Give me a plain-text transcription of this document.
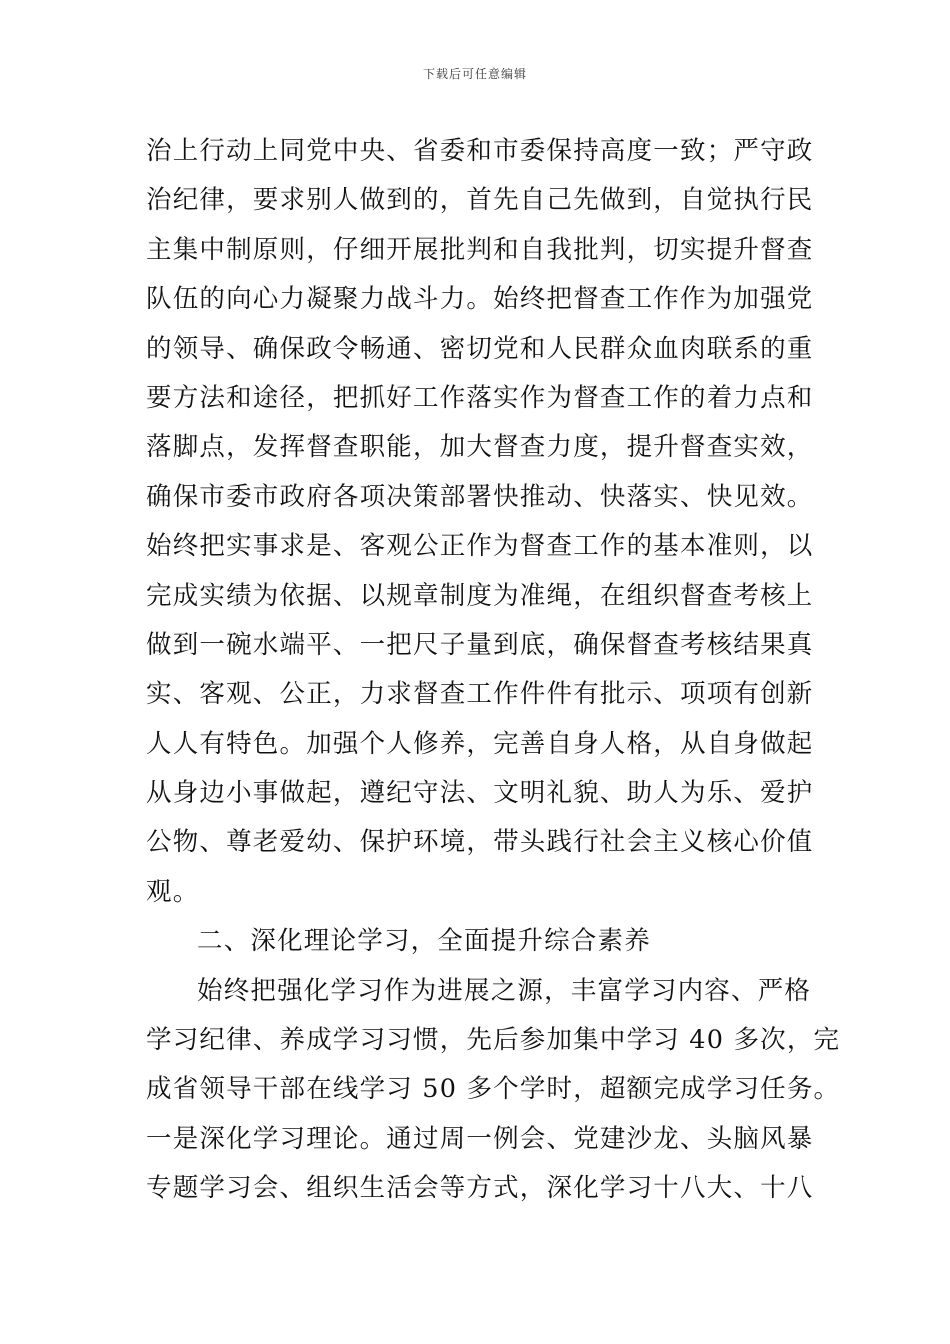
下载后可任意编辑
治上行动上同党中央、省委和市委保持高度一致；严守政
治纪律，要求别人做到的，首先自己先做到，自觉执行民
主集中制原则，仔细开展批判和自我批判，切实提升督查
队伍的向心力凝聚力战斗力。始终把督查工作作为加强党
的领导、确保政令畅通、密切党和人民群众血肉联系的重
要方法和途径，把抓好工作落实作为督查工作的着力点和
落脚点，发挥督查职能，加大督查力度，提升督查实效，
确保市委市政府各项决策部署快推动、快落实、快见效。
始终把实事求是、客观公正作为督查工作的基本准则，以
完成实绩为依据、以规章制度为准绳，在组织督查考核上
做到一碗水端平、一把尺子量到底，确保督查考核结果真
实、客观、公正，力求督查工作件件有批示、项项有创新
人人有特色。加强个人修养，完善自身人格，从自身做起
从身边小事做起，遵纪守法、文明礼貌、助人为乐、爱护
公物、尊老爱幼、保护环境，带头践行社会主义核心价值
观。
二、深化理论学习，全面提升综合素养
始终把强化学习作为进展之源，丰富学习内容、严格
学习纪律、养成学习习惯，先后参加集中学习 40 多次，完
成省领导干部在线学习 50 多个学时，超额完成学习任务。
一是深化学习理论。通过周一例会、党建沙龙、头脑风暴
专题学习会、组织生活会等方式，深化学习十八大、十八
